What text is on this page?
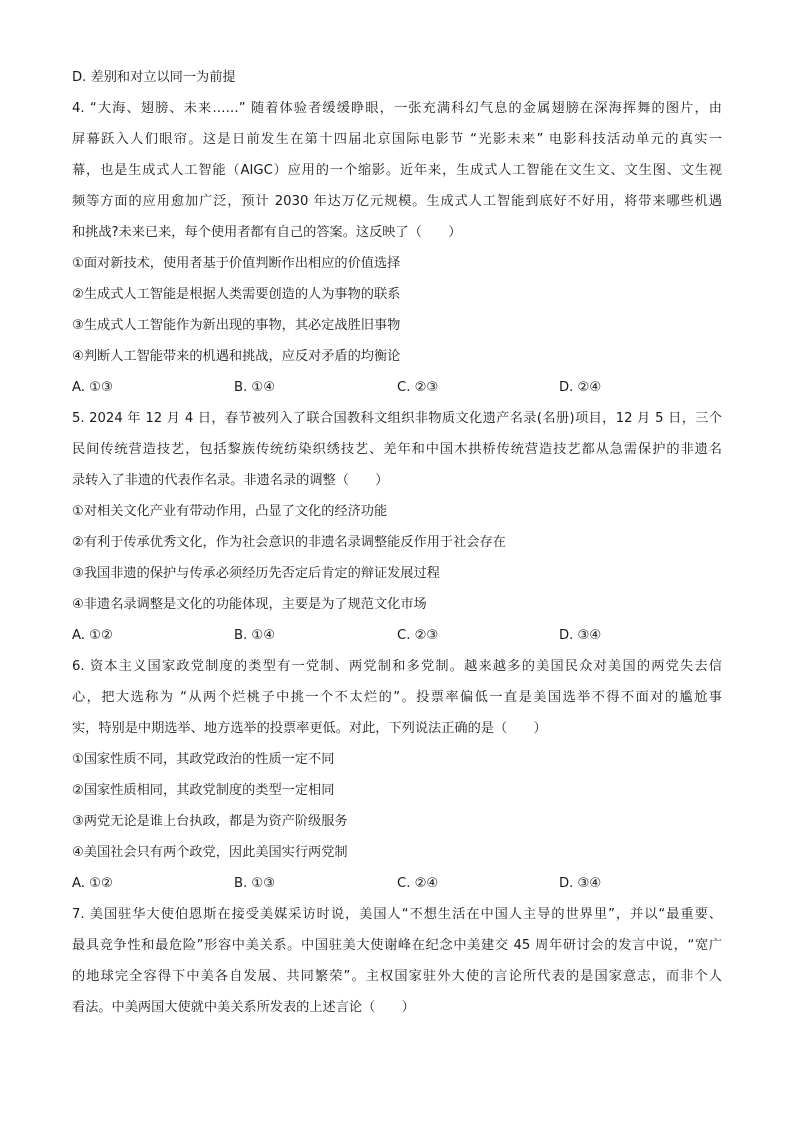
D. 差别和对立以同一为前提
4. “大海、翅膀、未来……” 随着体验者缓缓睁眼，一张充满科幻气息的金属翅膀在深海挥舞的图片，由
屏幕跃入人们眼帘。这是日前发生在第十四届北京国际电影节 “光影未来” 电影科技活动单元的真实一
幕，也是生成式人工智能（AIGC）应用的一个缩影。近年来，生成式人工智能在文生文、文生图、文生视
频等方面的应用愈加广泛，预计 2030 年达万亿元规模。生成式人工智能到底好不好用，将带来哪些机遇
和挑战?未来已来，每个使用者都有自己的答案。这反映了（　　）
①面对新技术，使用者基于价值判断作出相应的价值选择
②生成式人工智能是根据人类需要创造的人为事物的联系
③生成式人工智能作为新出现的事物，其必定战胜旧事物
④判断人工智能带来的机遇和挑战，应反对矛盾的均衡论
A. ①③	B. ①④	C. ②③	D. ②④
5. 2024 年 12 月 4 日，春节被列入了联合国教科文组织非物质文化遗产名录(名册)项目，12 月 5 日，三个
民间传统营造技艺，包括黎族传统纺染织绣技艺、羌年和中国木拱桥传统营造技艺都从急需保护的非遗名
录转入了非遗的代表作名录。非遗名录的调整（　　）
①对相关文化产业有带动作用，凸显了文化的经济功能
②有利于传承优秀文化，作为社会意识的非遗名录调整能反作用于社会存在
③我国非遗的保护与传承必须经历先否定后肯定的辩证发展过程
④非遗名录调整是文化的功能体现，主要是为了规范文化市场
A. ①②	B. ①④	C. ②③	D. ③④
6. 资本主义国家政党制度的类型有一党制、两党制和多党制。越来越多的美国民众对美国的两党失去信
心，把大选称为 “从两个烂桃子中挑一个不太烂的”。投票率偏低一直是美国选举不得不面对的尴尬事
实，特别是中期选举、地方选举的投票率更低。对此，下列说法正确的是（　　）
①国家性质不同，其政党政治的性质一定不同
②国家性质相同，其政党制度的类型一定相同
③两党无论是谁上台执政，都是为资产阶级服务
④美国社会只有两个政党，因此美国实行两党制
A. ①②	B. ①③	C. ②④	D. ③④
7. 美国驻华大使伯恩斯在接受美媒采访时说，美国人“不想生活在中国人主导的世界里”，并以“最重要、
最具竞争性和最危险”形容中美关系。中国驻美大使谢峰在纪念中美建交 45 周年研讨会的发言中说，“宽广
的地球完全容得下中美各自发展、共同繁荣”。主权国家驻外大使的言论所代表的是国家意志，而非个人
看法。中美两国大使就中美关系所发表的上述言论（　　）
